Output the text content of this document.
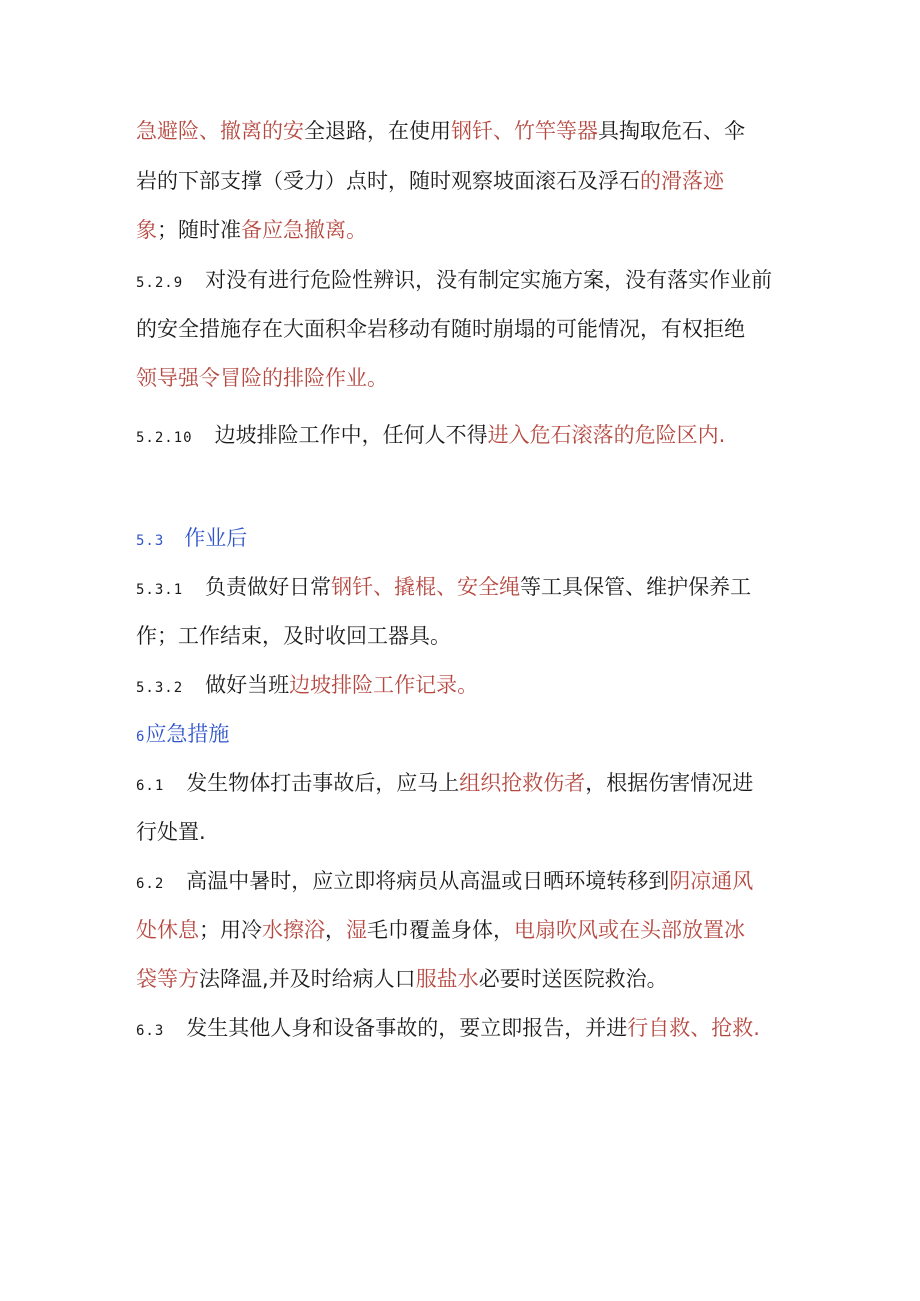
急避险、撤离的安全退路，在使用钢钎、竹竿等器具掏取危石、伞
岩的下部支撑（受力）点时，随时观察坡面滚石及浮石的滑落迹
象；随时准备应急撤离。
5.2.9 对没有进行危险性辨识，没有制定实施方案，没有落实作业前
的安全措施存在大面积伞岩移动有随时崩塌的可能情况，有权拒绝
领导强令冒险的排险作业。
5.2.10 边坡排险工作中，任何人不得进入危石滚落的危险区内.
5.3 作业后
5.3.1 负责做好日常钢钎、撬棍、安全绳等工具保管、维护保养工
作；工作结束，及时收回工器具。
5.3.2 做好当班边坡排险工作记录。
6应急措施
6.1 发生物体打击事故后，应马上组织抢救伤者，根据伤害情况进
行处置.
6.2 高温中暑时，应立即将病员从高温或日晒环境转移到阴凉通风
处休息；用冷水擦浴，湿毛巾覆盖身体，电扇吹风或在头部放置冰
袋等方法降温,并及时给病人口服盐水必要时送医院救治。
6.3 发生其他人身和设备事故的，要立即报告，并进行自救、抢救.
